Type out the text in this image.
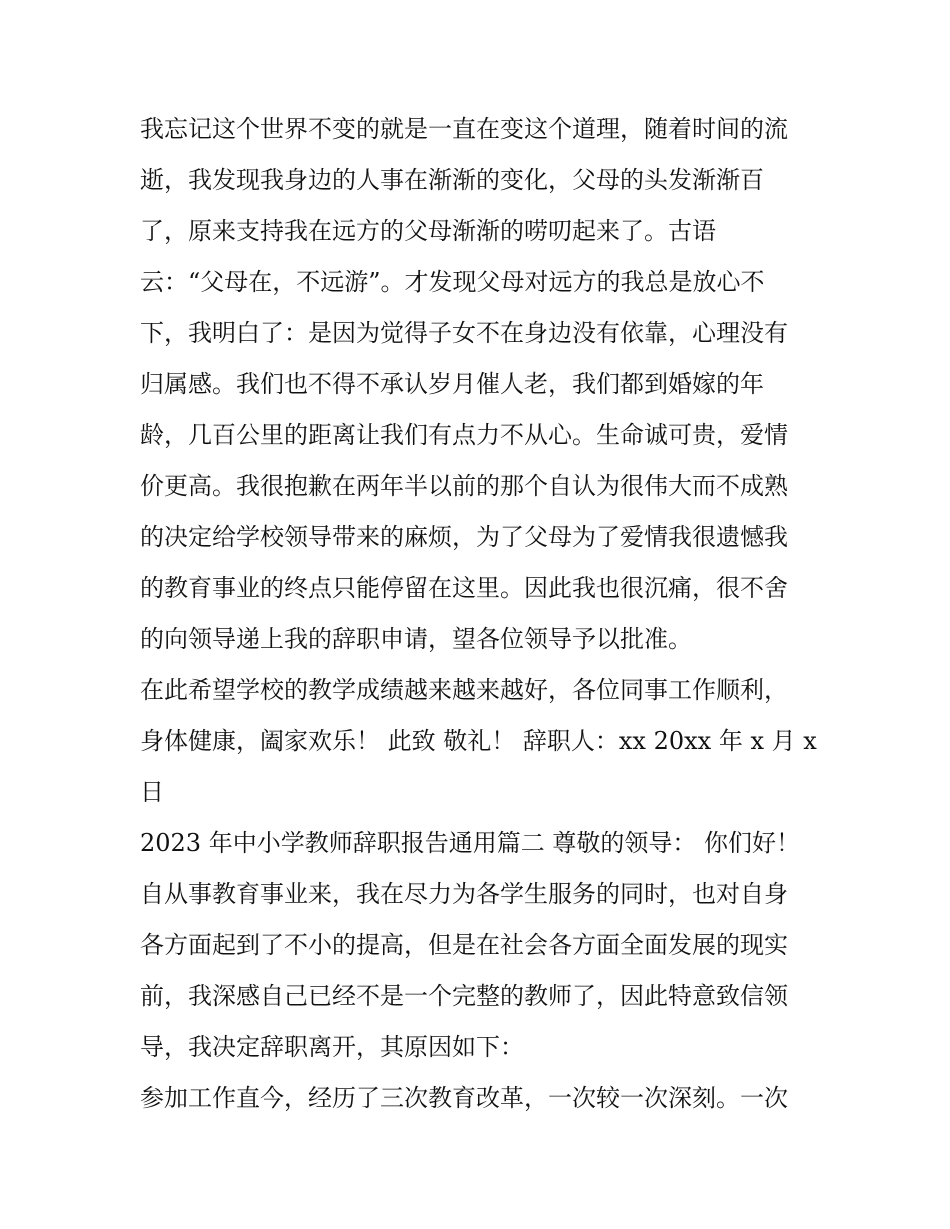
我忘记这个世界不变的就是一直在变这个道理，随着时间的流
逝，我发现我身边的人事在渐渐的变化，父母的头发渐渐百
了，原来支持我在远方的父母渐渐的唠叨起来了。古语
云：“父母在，不远游”。才发现父母对远方的我总是放心不
下，我明白了：是因为觉得子女不在身边没有依靠，心理没有
归属感。我们也不得不承认岁月催人老，我们都到婚嫁的年
龄，几百公里的距离让我们有点力不从心。生命诚可贵，爱情
价更高。我很抱歉在两年半以前的那个自认为很伟大而不成熟
的决定给学校领导带来的麻烦，为了父母为了爱情我很遗憾我
的教育事业的终点只能停留在这里。因此我也很沉痛，很不舍
的向领导递上我的辞职申请，望各位领导予以批准。
在此希望学校的教学成绩越来越来越好，各位同事工作顺利，
身体健康，阖家欢乐！ 此致 敬礼！ 辞职人：xx 20xx 年 x 月 x
日
2023 年中小学教师辞职报告通用篇二 尊敬的领导： 你们好！
自从事教育事业来，我在尽力为各学生服务的同时，也对自身
各方面起到了不小的提高，但是在社会各方面全面发展的现实
前，我深感自己已经不是一个完整的教师了，因此特意致信领
导，我决定辞职离开，其原因如下：
参加工作直今，经历了三次教育改革，一次较一次深刻。一次
